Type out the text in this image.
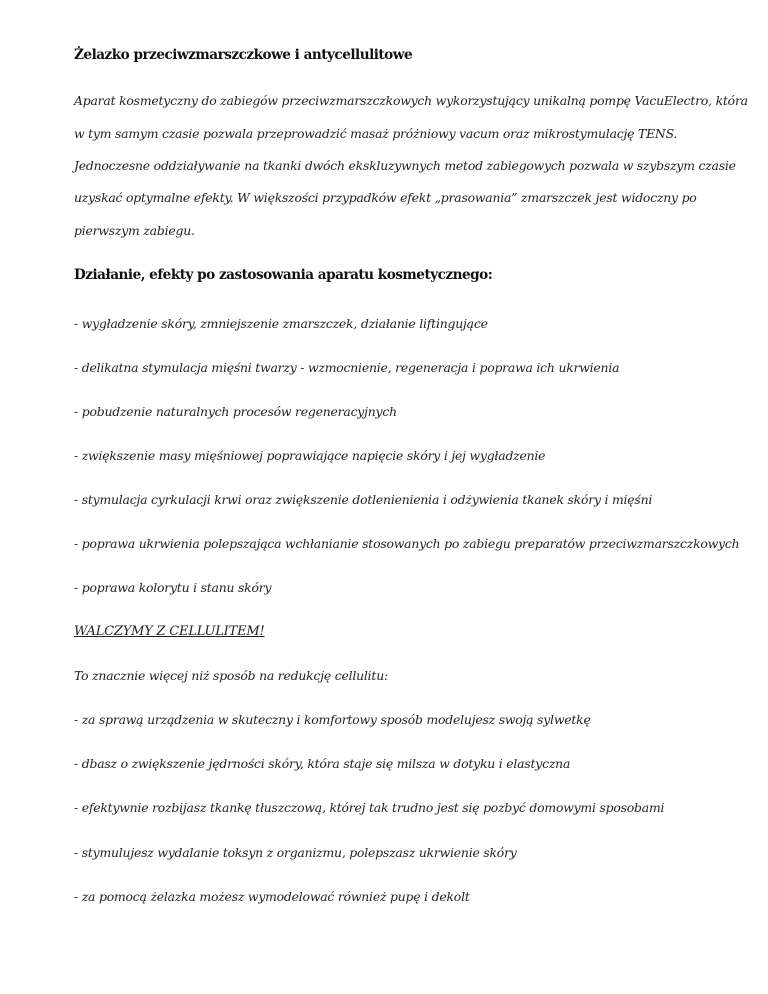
Żelazko przeciwzmarszczkowe i antycellulitowe
Aparat kosmetyczny do zabiegów przeciwzmarszczkowych wykorzystujący unikalną pompę VacuElectro, która
w tym samym czasie pozwala przeprowadzić masaż próżniowy vacum oraz mikrostymulację TENS.
Jednoczesne oddziaływanie na tkanki dwóch ekskluzywnych metod zabiegowych pozwala w szybszym czasie
uzyskać optymalne efekty. W większości przypadków efekt „prasowania” zmarszczek jest widoczny po
pierwszym zabiegu.
Działanie, efekty po zastosowania aparatu kosmetycznego:
- wygładzenie skóry, zmniejszenie zmarszczek, działanie liftingujące
- delikatna stymulacja mięśni twarzy - wzmocnienie, regeneracja i poprawa ich ukrwienia
- pobudzenie naturalnych procesów regeneracyjnych
- zwiększenie masy mięśniowej poprawiające napięcie skóry i jej wygładzenie
- stymulacja cyrkulacji krwi oraz zwiększenie dotlenienienia i odżywienia tkanek skóry i mięśni
- poprawa ukrwienia polepszająca wchłanianie stosowanych po zabiegu preparatów przeciwzmarszczkowych
- poprawa kolorytu i stanu skóry
WALCZYMY Z CELLULITEM!
To znacznie więcej niż sposób na redukcję cellulitu:
- za sprawą urządzenia w skuteczny i komfortowy sposób modelujesz swoją sylwetkę
- dbasz o zwiększenie jędrności skóry, która staje się milsza w dotyku i elastyczna
- efektywnie rozbijasz tkankę tłuszczową, której tak trudno jest się pozbyć domowymi sposobami
- stymulujesz wydalanie toksyn z organizmu, polepszasz ukrwienie skóry
- za pomocą żelazka możesz wymodelować również pupę i dekolt
